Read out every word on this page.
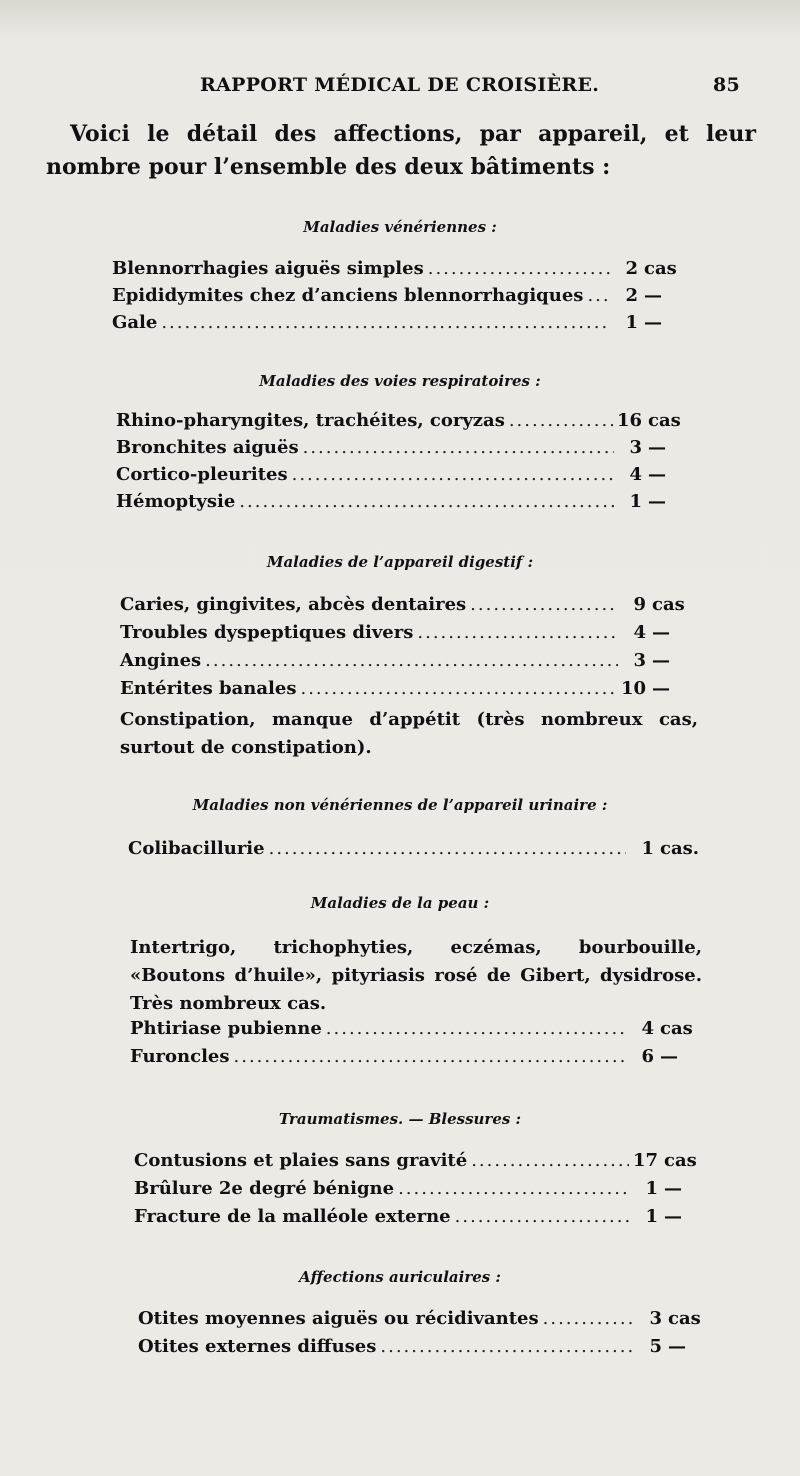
RAPPORT MÉDICAL DE CROISIÈRE.	85
Voici le détail des affections, par appareil, et leur nombre pour l’ensemble des deux bâtiments :
Maladies vénériennes :
Blennorrhagies aiguës simples .....	2 cas
Epididymites chez d’anciens blennorrhagiques .....	2 —
Gale .....	1 —
Maladies des voies respiratoires :
Rhino-pharyngites, trachéites, coryzas .....	16 cas
Bronchites aiguës .....	3 —
Cortico-pleurites .....	4 —
Hémoptysie .....	1 —
Maladies de l’appareil digestif :
Caries, gingivites, abcès dentaires .....	9 cas
Troubles dyspeptiques divers .....	4 —
Angines .....	3 —
Entérites banales .....	10 —
Constipation, manque d’appétit (très nombreux cas, surtout de constipation).
Maladies non vénériennes de l’appareil urinaire :
Colibacillurie .....	1 cas.
Maladies de la peau :
Intertrigo, trichophyties, eczémas, bourbouille, «Boutons d’huile», pityriasis rosé de Gibert, dysidrose. Très nombreux cas.
Phtiriase pubienne .....	4 cas
Furoncles .....	6 —
Traumatismes. — Blessures :
Contusions et plaies sans gravité .....	17 cas
Brûlure 2e degré bénigne .....	1 —
Fracture de la malléole externe .....	1 —
Affections auriculaires :
Otites moyennes aiguës ou récidivantes .....	3 cas
Otites externes diffuses .....	5 —
